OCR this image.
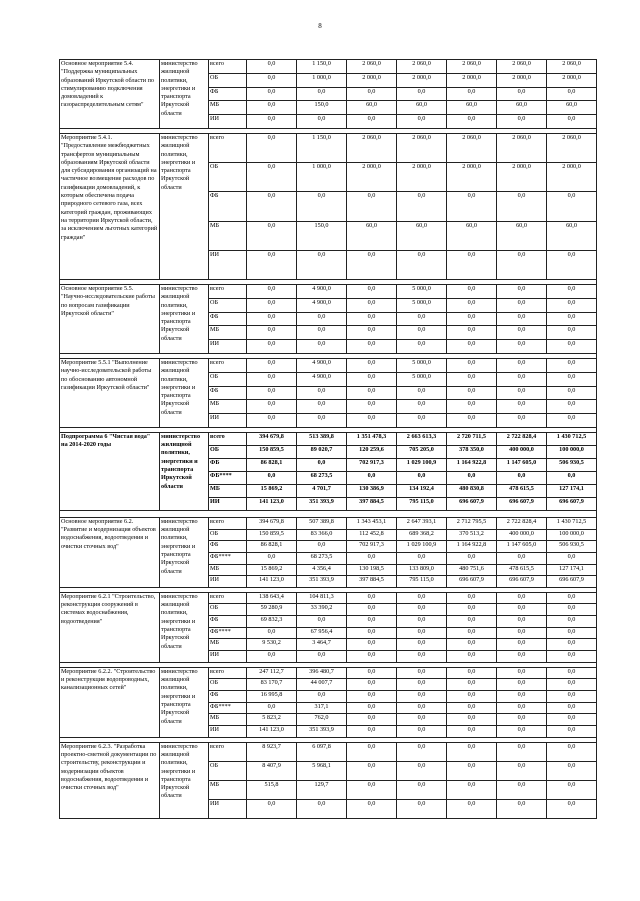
8
Основное мероприятие 5.4. "Поддержка муниципальных образований Иркутской области по стимулированию подключения домовладений к газораспределительным сетям"	министерство жилищной политики, энергетики и транспорта Иркутской области	всего	0,0	1 150,0	2 060,0	2 060,0	2 060,0	2 060,0	2 060,0
		ОБ	0,0	1 000,0	2 000,0	2 000,0	2 000,0	2 000,0	2 000,0
		ФБ	0,0	0,0	0,0	0,0	0,0	0,0	0,0
		МБ	0,0	150,0	60,0	60,0	60,0	60,0	60,0
		ИИ	0,0	0,0	0,0	0,0	0,0	0,0	0,0

Мероприятие 5.4.1. "Предоставление межбюджетных трансфертов муниципальным образованиям Иркутской области для субсидирования организаций на частичное возмещение расходов по газификации домовладений, к которым обеспечена подача природного сетевого газа, всех категорий граждан, проживающих на территории Иркутской области, за исключением льготных категорий граждан"	министерство жилищной политики, энергетики и транспорта Иркутской области	всего	0,0	1 150,0	2 060,0	2 060,0	2 060,0	2 060,0	2 060,0
		ОБ	0,0	1 000,0	2 000,0	2 000,0	2 000,0	2 000,0	2 000,0
		ФБ	0,0	0,0	0,0	0,0	0,0	0,0	0,0
		МБ	0,0	150,0	60,0	60,0	60,0	60,0	60,0
		ИИ	0,0	0,0	0,0	0,0	0,0	0,0	0,0

Основное мероприятие 5.5. "Научно-исследовательские работы по вопросам газификации Иркутской области"	министерство жилищной политики, энергетики и транспорта Иркутской области	всего	0,0	4 900,0	0,0	5 000,0	0,0	0,0	0,0
		ОБ	0,0	4 900,0	0,0	5 000,0	0,0	0,0	0,0
		ФБ	0,0	0,0	0,0	0,0	0,0	0,0	0,0
		МБ	0,0	0,0	0,0	0,0	0,0	0,0	0,0
		ИИ	0,0	0,0	0,0	0,0	0,0	0,0	0,0

Мероприятие 5.5.1 "Выполнение научно-исследовательской работы по обоснованию автономной газификации Иркутской области"	министерство жилищной политики, энергетики и транспорта Иркутской области	всего	0,0	4 900,0	0,0	5 000,0	0,0	0,0	0,0
		ОБ	0,0	4 900,0	0,0	5 000,0	0,0	0,0	0,0
		ФБ	0,0	0,0	0,0	0,0	0,0	0,0	0,0
		МБ	0,0	0,0	0,0	0,0	0,0	0,0	0,0
		ИИ	0,0	0,0	0,0	0,0	0,0	0,0	0,0

Подпрограмма 6 "Чистая вода" на 2014-2020 годы	министерство жилищной политики, энергетики и транспорта Иркутской области	всего	394 679,8	513 389,8	1 351 478,3	2 663 613,3	2 720 711,5	2 722 828,4	1 430 712,5
		ОБ	150 859,5	89 020,7	120 259,6	705 205,0	378 350,0	400 000,0	100 000,0
		ФБ	86 828,1	0,0	702 917,3	1 029 100,9	1 164 922,8	1 147 605,0	506 930,5
		ФБ****	0,0	68 273,5	0,0	0,0	0,0	0,0	0,0
		МБ	15 869,2	4 701,7	130 386,9	134 192,4	480 830,8	478 615,5	127 174,1
		ИИ	141 123,0	351 393,9	397 884,5	795 115,0	696 607,9	696 607,9	696 607,9

Основное мероприятие 6.2. "Развитие и модернизация объектов водоснабжения, водоотведения и очистки сточных вод"	министерство жилищной политики, энергетики и транспорта Иркутской области	всего	394 679,8	507 389,8	1 343 453,1	2 647 393,1	2 712 795,5	2 722 828,4	1 430 712,5
		ОБ	150 859,5	83 366,0	112 452,8	689 368,2	370 513,2	400 000,0	100 000,0
		ФБ	86 828,1	0,0	702 917,3	1 029 100,9	1 164 922,8	1 147 605,0	506 930,5
		ФБ****	0,0	68 273,5	0,0	0,0	0,0	0,0	0,0
		МБ	15 869,2	4 356,4	130 198,5	133 809,0	480 751,6	478 615,5	127 174,1
		ИИ	141 123,0	351 393,9	397 884,5	795 115,0	696 607,9	696 607,9	696 607,9

Мероприятие 6.2.1 "Строительство, реконструкция сооружений в системах водоснабжения, водоотведения"	министерство жилищной политики, энергетики и транспорта Иркутской области	всего	138 643,4	104 811,3	0,0	0,0	0,0	0,0	0,0
		ОБ	59 280,9	33 390,2	0,0	0,0	0,0	0,0	0,0
		ФБ	69 832,3	0,0	0,0	0,0	0,0	0,0	0,0
		ФБ****	0,0	67 956,4	0,0	0,0	0,0	0,0	0,0
		МБ	9 530,2	3 464,7	0,0	0,0	0,0	0,0	0,0
		ИИ	0,0	0,0	0,0	0,0	0,0	0,0	0,0

Мероприятие 6.2.2. "Строительство и реконструкция водопроводных, канализационных сетей"	министерство жилищной политики, энергетики и транспорта Иркутской области	всего	247 112,7	396 480,7	0,0	0,0	0,0	0,0	0,0
		ОБ	83 170,7	44 007,7	0,0	0,0	0,0	0,0	0,0
		ФБ	16 995,8	0,0	0,0	0,0	0,0	0,0	0,0
		ФБ****	0,0	317,1	0,0	0,0	0,0	0,0	0,0
		МБ	5 823,2	762,0	0,0	0,0	0,0	0,0	0,0
		ИИ	141 123,0	351 393,9	0,0	0,0	0,0	0,0	0,0

Мероприятие 6.2.3. "Разработка проектно-сметной документации по строительству, реконструкции и модернизации объектов водоснабжения, водоотведения и очистки сточных вод"	министерство жилищной политики, энергетики и транспорта Иркутской области	всего	8 923,7	6 097,8	0,0	0,0	0,0	0,0	0,0
		ОБ	8 407,9	5 968,1	0,0	0,0	0,0	0,0	0,0
		МБ	515,8	129,7	0,0	0,0	0,0	0,0	0,0
		ИИ	0,0	0,0	0,0	0,0	0,0	0,0	0,0
